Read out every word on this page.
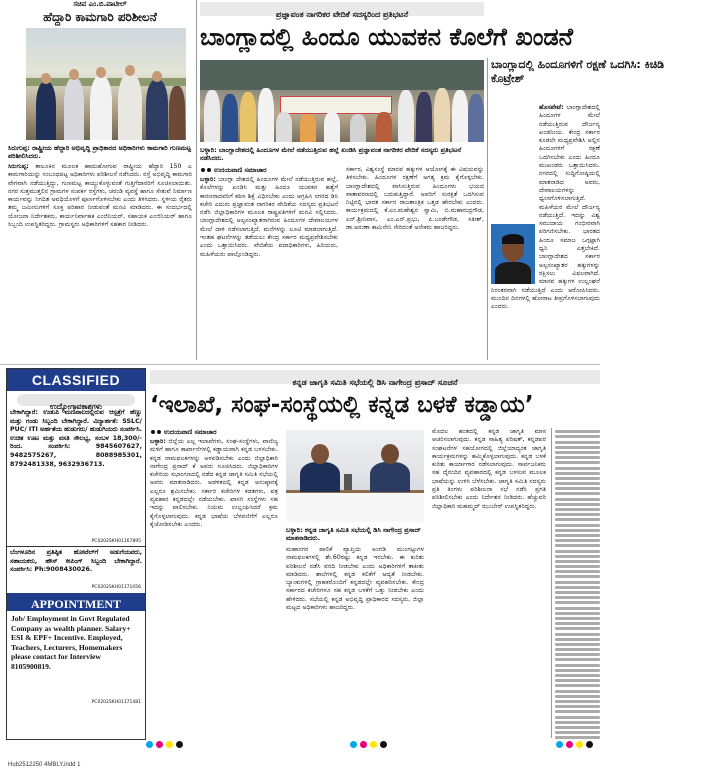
ಸಚಿವ ಎಂ.ಬಿ.ಪಾಟೀಲ್
ಹೆದ್ದಾರಿ ಕಾಮಗಾರಿ ಪರಿಶೀಲನೆ
ಸಿರುಗುಪ್ಪ: ರಾಷ್ಟ್ರೀಯ ಹೆದ್ದಾರಿ ಅಭಿವೃದ್ಧಿ ಪ್ರಾಧಿಕಾರದ ಅಧಿಕಾರಿಗಳು ಕಾಮಗಾರಿ ಗುಣಮಟ್ಟ ಪರಿಶೀಲಿಸಿದರು.
ಸಿರುಗುಪ್ಪ: ತಾಲೂಕಿನ ಮೂಲಕ ಹಾದುಹೋಗುವ ರಾಷ್ಟ್ರೀಯ ಹೆದ್ದಾರಿ 150 ಎ ಕಾಮಗಾರಿಯನ್ನು ಸಂಬಂಧಪಟ್ಟ ಅಧಿಕಾರಿಗಳು ಪರಿಶೀಲನೆ ನಡೆಸಿದರು. ರಸ್ತೆ ಅಭಿವೃದ್ಧಿ ಕಾಮಗಾರಿ ವೇಗವಾಗಿ ನಡೆಯುತ್ತಿದ್ದು, ಗುಣಮಟ್ಟ ಕಾಯ್ದುಕೊಳ್ಳುವಂತೆ ಗುತ್ತಿಗೆದಾರರಿಗೆ ಸೂಚಿಸಲಾಯಿತು. ನಗರ ಸುತ್ತಮುತ್ತಲಿನ ಗ್ರಾಮಗಳ ಸಂಪರ್ಕ ರಸ್ತೆಗಳು, ಚರಂಡಿ ವ್ಯವಸ್ಥೆ ಹಾಗೂ ಸೇತುವೆ ನಿರ್ಮಾಣ ಕಾರ್ಯವನ್ನು ನಿಗದಿತ ಅವಧಿಯೊಳಗೆ ಪೂರ್ಣಗೊಳಿಸಬೇಕು ಎಂದು ತಿಳಿಸಿದರು. ಸ್ಥಳೀಯ ರೈತರು ತಮ್ಮ ಜಮೀನುಗಳಿಗೆ ಸೂಕ್ತ ಪರಿಹಾರ ನೀಡುವಂತೆ ಮನವಿ ಮಾಡಿದರು. ಈ ಸಂದರ್ಭದಲ್ಲಿ ಯೋಜನಾ ನಿರ್ದೇಶಕರು, ಕಾರ್ಯನಿರ್ವಾಹಕ ಎಂಜಿನಿಯರ್, ಸಹಾಯಕ ಎಂಜಿನಿಯರ್ ಹಾಗೂ ಸಿಬ್ಬಂದಿ ಉಪಸ್ಥಿತರಿದ್ದರು. ಗ್ರಾಮಸ್ಥರು ಅಧಿಕಾರಿಗಳಿಗೆ ಸಹಕಾರ ನೀಡಿದರು.
ಪ್ರಜ್ಞಾವಂತ ನಾಗರಿಕರ ವೇದಿಕೆ ಸದಸ್ಯರಿಂದ ಪ್ರತಿಭಟನೆ
ಬಾಂಗ್ಲಾದಲ್ಲಿ ಹಿಂದೂ ಯುವಕನ ಕೊಲೆಗೆ ಖಂಡನೆ
ಬಳ್ಳಾರಿ: ಬಾಂಗ್ಲಾದೇಶದಲ್ಲಿ ಹಿಂದೂಗಳ ಮೇಲೆ ನಡೆಯುತ್ತಿರುವ ಹಲ್ಲೆ ಖಂಡಿಸಿ ಪ್ರಜ್ಞಾವಂತ ನಾಗರಿಕರ ವೇದಿಕೆ ಸದಸ್ಯರು ಪ್ರತಿಭಟನೆ ನಡೆಸಿದರು.
ಉದಯವಾಣಿ ಸಮಾಚಾರ
ಬಳ್ಳಾರಿ: ಬಾಂಗ್ಲಾ ದೇಶದಲ್ಲಿ ಹಿಂದೂಗಳ ಮೇಲೆ ನಡೆಯುತ್ತಿರುವ ಹಲ್ಲೆ, ಕೊಲೆಗಳನ್ನು ಖಂಡಿಸಿ ಮತ್ತು ಹಿಂದೂ ಯುವಕನ ಹತ್ಯೆಗೆ ಕಾರಣರಾದವರಿಗೆ ಕಠಿಣ ಶಿಕ್ಷೆ ವಿಧಿಸಬೇಕು ಎಂದು ಆಗ್ರಹಿಸಿ ನಗರದ ಡಿಸಿ ಕಚೇರಿ ಎದುರು ಪ್ರಜ್ಞಾವಂತ ನಾಗರಿಕರ ವೇದಿಕೆಯ ಸದಸ್ಯರು ಪ್ರತಿಭಟನೆ ನಡೆಸಿ ಜಿಲ್ಲಾಧಿಕಾರಿಗಳ ಮೂಲಕ ರಾಷ್ಟ್ರಪತಿಗಳಿಗೆ ಮನವಿ ಸಲ್ಲಿಸಿದರು. ಬಾಂಗ್ಲಾದೇಶದಲ್ಲಿ ಅಲ್ಪಸಂಖ್ಯಾತರಾಗಿರುವ ಹಿಂದೂಗಳ ದೇವಾಲಯಗಳ ಮೇಲೆ ದಾಳಿ ನಡೆಸಲಾಗುತ್ತಿದೆ. ಮನೆಗಳನ್ನು ಲೂಟಿ ಮಾಡಲಾಗುತ್ತಿದೆ. ಇಂತಹ ಘಟನೆಗಳನ್ನು ತಡೆಯಲು ಕೇಂದ್ರ ಸರ್ಕಾರ ಮಧ್ಯಪ್ರವೇಶಿಸಬೇಕು ಎಂದು ಒತ್ತಾಯಿಸಿದರು. ವೇದಿಕೆಯ ಪದಾಧಿಕಾರಿಗಳು, ಹಿರಿಯರು, ಮಹಿಳೆಯರು ಪಾಲ್ಗೊಂಡಿದ್ದರು.
ಸರ್ಕಾರ, ವಿಶ್ವಸಂಸ್ಥೆ ಮಾನವ ಹಕ್ಕುಗಳ ಆಯೋಗಕ್ಕೆ ಈ ವಿಷಯವನ್ನು ತಿಳಿಸಬೇಕು. ಹಿಂದೂಗಳ ರಕ್ಷಣೆಗೆ ಅಗತ್ಯ ಕ್ರಮ ಕೈಗೊಳ್ಳಬೇಕು. ಬಾಂಗ್ಲಾದೇಶದಲ್ಲಿ ವಾಸಿಸುತ್ತಿರುವ ಹಿಂದೂಗಳು ಭಯದ ವಾತಾವರಣದಲ್ಲಿ ಬದುಕುತ್ತಿದ್ದಾರೆ. ಅವರಿಗೆ ಸುರಕ್ಷತೆ ಒದಗಿಸುವ ನಿಟ್ಟಿನಲ್ಲಿ ಭಾರತ ಸರ್ಕಾರ ರಾಜತಾಂತ್ರಿಕ ಒತ್ತಡ ಹೇರಬೇಕು ಎಂದರು. ಕಾರ್ಯಕ್ರಮದಲ್ಲಿ ಕೆ.ಎಂ.ಮಹೇಶ್ವರ ಸ್ವಾಮಿ, ಬಿ.ಮಹಾರುದ್ರಗೌಡ, ಎನ್.ಶ್ರೀನಿವಾಸ, ಎಂ.ಎನ್.ಪ್ರಭು, ಪಿ.ಬಂಡೇಗೌಡ, ಸತೀಶ್, ಡಾ.ಅರುಣಾ ಕಾಮಿನೇನಿ ಸೇರಿದಂತೆ ಅನೇಕರು ಹಾಜರಿದ್ದರು.
ಬಾಂಗ್ಲಾದಲ್ಲಿ ಹಿಂದೂಗಳಿಗೆ ರಕ್ಷಣೆ ಒದಗಿಸಿ: ಕಿಚಿಡಿ ಕೊಟ್ರೇಶ್
ಹೊಸಪೇಟೆ: ಬಾಂಗ್ಲಾದೇಶದಲ್ಲಿ ಹಿಂದೂಗಳ ಮೇಲೆ ನಡೆಯುತ್ತಿರುವ ದೌರ್ಜನ್ಯ ಖಂಡನೀಯ. ಕೇಂದ್ರ ಸರ್ಕಾರ ಕೂಡಲೇ ಮಧ್ಯಪ್ರವೇಶಿಸಿ ಅಲ್ಲಿನ ಹಿಂದೂಗಳಿಗೆ ರಕ್ಷಣೆ ಒದಗಿಸಬೇಕು ಎಂದು ಹಿಂದೂ ಮುಖಂಡರು ಒತ್ತಾಯಿಸಿದರು. ನಗರದಲ್ಲಿ ಸುದ್ದಿಗೋಷ್ಠಿಯಲ್ಲಿ ಮಾತನಾಡಿದ ಅವರು, ದೇವಾಲಯಗಳನ್ನು ಧ್ವಂಸಗೊಳಿಸಲಾಗುತ್ತಿದೆ. ಮಹಿಳೆಯರ ಮೇಲೆ ದೌರ್ಜನ್ಯ ನಡೆಯುತ್ತಿದೆ. ಇದನ್ನು ವಿಶ್ವ ಸಮುದಾಯ ಗಂಭೀರವಾಗಿ ಪರಿಗಣಿಸಬೇಕು. ಭಾರತದ ಹಿಂದೂ ಸಮಾಜ ಒಗ್ಗಟ್ಟಾಗಿ ಧ್ವನಿ ಎತ್ತಬೇಕಿದೆ. ಬಾಂಗ್ಲಾದೇಶದ ಸರ್ಕಾರ ಅಲ್ಪಸಂಖ್ಯಾತರ ಹಕ್ಕುಗಳನ್ನು ರಕ್ಷಿಸಲು ವಿಫಲವಾಗಿದೆ. ಮಾನವ ಹಕ್ಕುಗಳ ಉಲ್ಲಂಘನೆ ನಿರಂತರವಾಗಿ ನಡೆಯುತ್ತಿದೆ ಎಂದು ಆರೋಪಿಸಿದರು. ಮುಂದಿನ ದಿನಗಳಲ್ಲಿ ಹೋರಾಟ ತೀವ್ರಗೊಳಿಸಲಾಗುವುದು ಎಂದರು.
CLASSIFIED
ಉದ್ಯೋಗಾವಕಾಶಗಳು
ಬೇಕಾಗಿದ್ದಾರೆ: ಉಡುಪಿ ಮಣಿಪಾಲದಲ್ಲಿರುವ ಆಸ್ಪತ್ರೆಗೆ ಹೆಣ್ಣು ಮತ್ತು ಗಂಡು ಸಿಬ್ಬಂದಿ ಬೇಕಾಗಿದ್ದಾರೆ. ವಿದ್ಯಾರ್ಹತೆ: SSLC/ PUC/ ITI ಅರ್ಹತೆಯ ಹುಡುಗರು/ ಹುಡುಗಿಯರು ಸಂಪರ್ಕಿಸಿ. ಉಚಿತ ಊಟ ಮತ್ತು ವಸತಿ ಸೌಲಭ್ಯ, ಸಂಬಳ 18,300/- ರಿಂದ. ಸಂಪರ್ಕಿಸಿ: 9845607627, 9482575267, 8088985301, 8792481338, 9632936713.
PC0202SKH01167895
ಬೆಂಗಳೂರಿನ ಪ್ರತಿಷ್ಠಿತ ಹೋಟೆಲ್‌ಗೆ ಅಡುಗೆಯವರು, ಸಹಾಯಕರು, ಹೌಸ್ ಕೀಪಿಂಗ್ ಸಿಬ್ಬಂದಿ ಬೇಕಾಗಿದ್ದಾರೆ. ಸಂಪರ್ಕಿಸಿ: Ph:9008430026.
PC0202SKH01171056
APPOINTMENT
Job/ Employment in Govt Regulated Company as wealth planner. Salary+ ESI & EPF+ Incentive. Employed, Teachers, Lecturers, Homemakers please contact for Interview 8105900819.
PC0202SKH01171481
ಕನ್ನಡ ಜಾಗೃತಿ ಸಮಿತಿ ಸಭೆಯಲ್ಲಿ ಡಿಸಿ ನಾಗೇಂದ್ರ ಪ್ರಸಾದ್ ಸೂಚನೆ
‘ಇಲಾಖೆ, ಸಂಘ-ಸಂಸ್ಥೆಯಲ್ಲಿ ಕನ್ನಡ ಬಳಕೆ ಕಡ್ಡಾಯ’
ಉದಯವಾಣಿ ಸಮಾಚಾರ
ಬಳ್ಳಾರಿ: ಜಿಲ್ಲೆಯ ಎಲ್ಲ ಇಲಾಖೆಗಳು, ಸಂಘ-ಸಂಸ್ಥೆಗಳು, ವಾಣಿಜ್ಯ ಮಳಿಗೆ ಹಾಗೂ ಕಾರ್ಖಾನೆಗಳಲ್ಲಿ ಕಡ್ಡಾಯವಾಗಿ ಕನ್ನಡ ಬಳಸಬೇಕು. ಕನ್ನಡ ನಾಮಫಲಕಗಳನ್ನು ಅಳವಡಿಸಬೇಕು ಎಂದು ಜಿಲ್ಲಾಧಿಕಾರಿ ನಾಗೇಂದ್ರ ಪ್ರಸಾದ್ ಕೆ ಅವರು ಸೂಚಿಸಿದರು. ಜಿಲ್ಲಾಧಿಕಾರಿಗಳ ಕಚೇರಿಯ ಸಭಾಂಗಣದಲ್ಲಿ ನಡೆದ ಕನ್ನಡ ಜಾಗೃತಿ ಸಮಿತಿ ಸಭೆಯಲ್ಲಿ ಅವರು ಮಾತನಾಡಿದರು. ಆಡಳಿತದಲ್ಲಿ ಕನ್ನಡ ಅನುಷ್ಠಾನಕ್ಕೆ ಎಲ್ಲರೂ ಶ್ರಮಿಸಬೇಕು. ಸರ್ಕಾರಿ ಕಚೇರಿಗಳ ಕಡತಗಳು, ಪತ್ರ ವ್ಯವಹಾರ ಕನ್ನಡದಲ್ಲೇ ನಡೆಯಬೇಕು. ಖಾಸಗಿ ಸಂಸ್ಥೆಗಳು ಸಹ ಇದನ್ನು ಪಾಲಿಸಬೇಕು. ನಿಯಮ ಉಲ್ಲಂಘಿಸಿದರೆ ಕ್ರಮ ಕೈಗೊಳ್ಳಲಾಗುವುದು. ಕನ್ನಡ ಭಾಷೆಯ ಬೆಳವಣಿಗೆಗೆ ಎಲ್ಲರೂ ಕೈಜೋಡಿಸಬೇಕು ಎಂದರು.
ಬಳ್ಳಾರಿ: ಕನ್ನಡ ಜಾಗೃತಿ ಸಮಿತಿ ಸಭೆಯಲ್ಲಿ ಡಿಸಿ ನಾಗೇಂದ್ರ ಪ್ರಸಾದ್ ಮಾತನಾಡಿದರು.
ಮಹಾನಗರ ಪಾಲಿಕೆ ವ್ಯಾಪ್ತಿಯ ಅಂಗಡಿ ಮುಂಗಟ್ಟುಗಳ ನಾಮಫಲಕಗಳಲ್ಲಿ ಶೇ.60ರಷ್ಟು ಕನ್ನಡ ಇರಬೇಕು. ಈ ಕುರಿತು ಪರಿಶೀಲನೆ ನಡೆಸಿ ವರದಿ ನೀಡಬೇಕು ಎಂದು ಅಧಿಕಾರಿಗಳಿಗೆ ತಾಕೀತು ಮಾಡಿದರು. ಶಾಲೆಗಳಲ್ಲಿ ಕನ್ನಡ ಕಲಿಕೆಗೆ ಆದ್ಯತೆ ನೀಡಬೇಕು. ಬ್ಯಾಂಕುಗಳಲ್ಲಿ ಗ್ರಾಹಕರೊಂದಿಗೆ ಕನ್ನಡದಲ್ಲೇ ವ್ಯವಹರಿಸಬೇಕು. ಕೇಂದ್ರ ಸರ್ಕಾರದ ಕಚೇರಿಗಳೂ ಸಹ ಕನ್ನಡ ಬಳಕೆಗೆ ಒತ್ತು ನೀಡಬೇಕು ಎಂದು ಹೇಳಿದರು. ಸಭೆಯಲ್ಲಿ ಕನ್ನಡ ಅಭಿವೃದ್ಧಿ ಪ್ರಾಧಿಕಾರದ ಸದಸ್ಯರು, ಜಿಲ್ಲಾ ಮಟ್ಟದ ಅಧಿಕಾರಿಗಳು ಹಾಜರಿದ್ದರು.
ಮೊದಲ ಹಂತದಲ್ಲಿ ಕನ್ನಡ ಜಾಗೃತಿ ಮಾಸ ಆಚರಿಸಲಾಗುವುದು. ಕನ್ನಡ ಸಾಹಿತ್ಯ ಪರಿಷತ್, ಕನ್ನಡಪರ ಸಂಘಟನೆಗಳ ಸಹಯೋಗದಲ್ಲಿ ಜಿಲ್ಲೆಯಾದ್ಯಂತ ಜಾಗೃತಿ ಕಾರ್ಯಕ್ರಮಗಳನ್ನು ಹಮ್ಮಿಕೊಳ್ಳಲಾಗುವುದು. ಕನ್ನಡ ಬಳಕೆ ಕುರಿತು ಕಾರ್ಯಾಗಾರ ನಡೆಸಲಾಗುವುದು. ಸಾರ್ವಜನಿಕರು ಸಹ ದೈನಂದಿನ ವ್ಯವಹಾರದಲ್ಲಿ ಕನ್ನಡ ಬಳಸುವ ಮೂಲಕ ಭಾಷೆಯನ್ನು ಉಳಿಸಿ ಬೆಳೆಸಬೇಕು. ಜಾಗೃತಿ ಸಮಿತಿ ಸದಸ್ಯರು ಪ್ರತಿ ತಿಂಗಳು ಪರಿಶೀಲನಾ ಸಭೆ ನಡೆಸಿ ಪ್ರಗತಿ ಪರಿಶೀಲಿಸಬೇಕು ಎಂದು ನಿರ್ದೇಶನ ನೀಡಿದರು. ಹೆಚ್ಚುವರಿ ಜಿಲ್ಲಾಧಿಕಾರಿ ಮಹಮ್ಮದ್ ಝುಬೇರ್ ಉಪಸ್ಥಿತರಿದ್ದರು.
Hub2512250 4MBLY.indd 1
